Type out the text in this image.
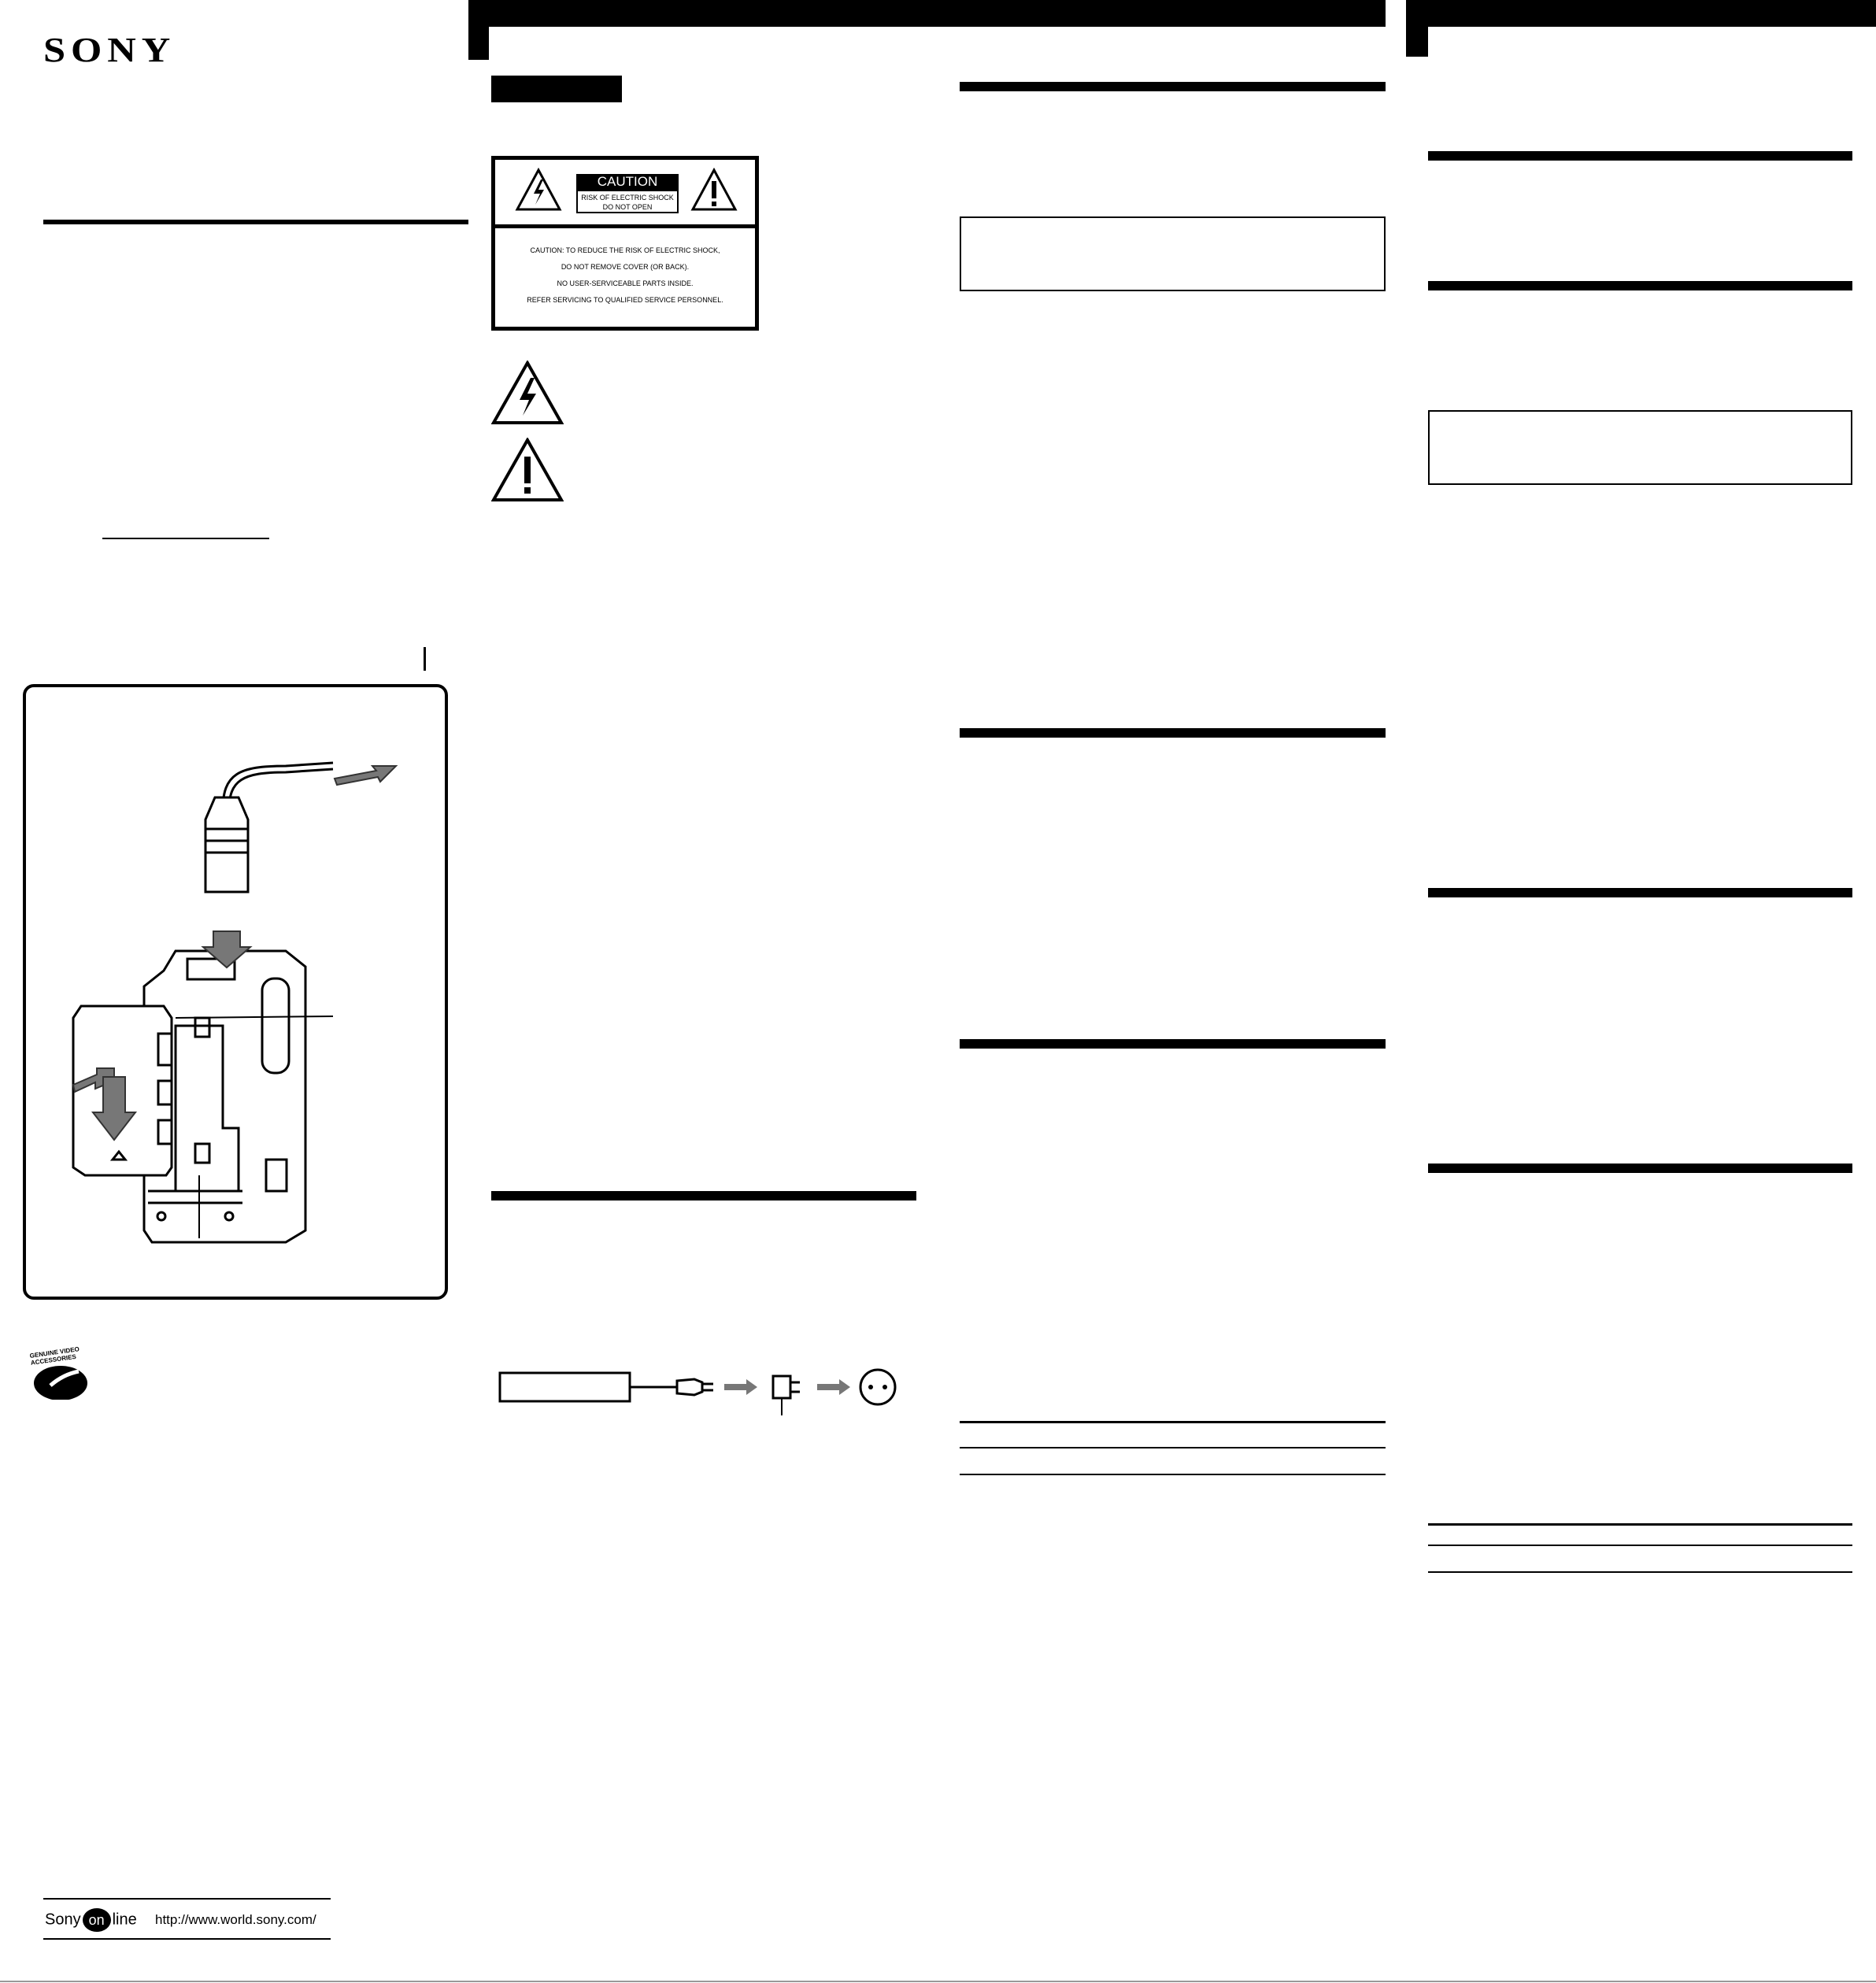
SONY
GENUINE VIDEO ACCESSORIES
Sony on line http://www.world.sony.com/
CAUTION
RISK OF ELECTRIC SHOCK
DO NOT OPEN
CAUTION: TO REDUCE THE RISK OF ELECTRIC SHOCK,
DO NOT REMOVE COVER (OR BACK).
NO USER-SERVICEABLE PARTS INSIDE.
REFER SERVICING TO QUALIFIED SERVICE PERSONNEL.
